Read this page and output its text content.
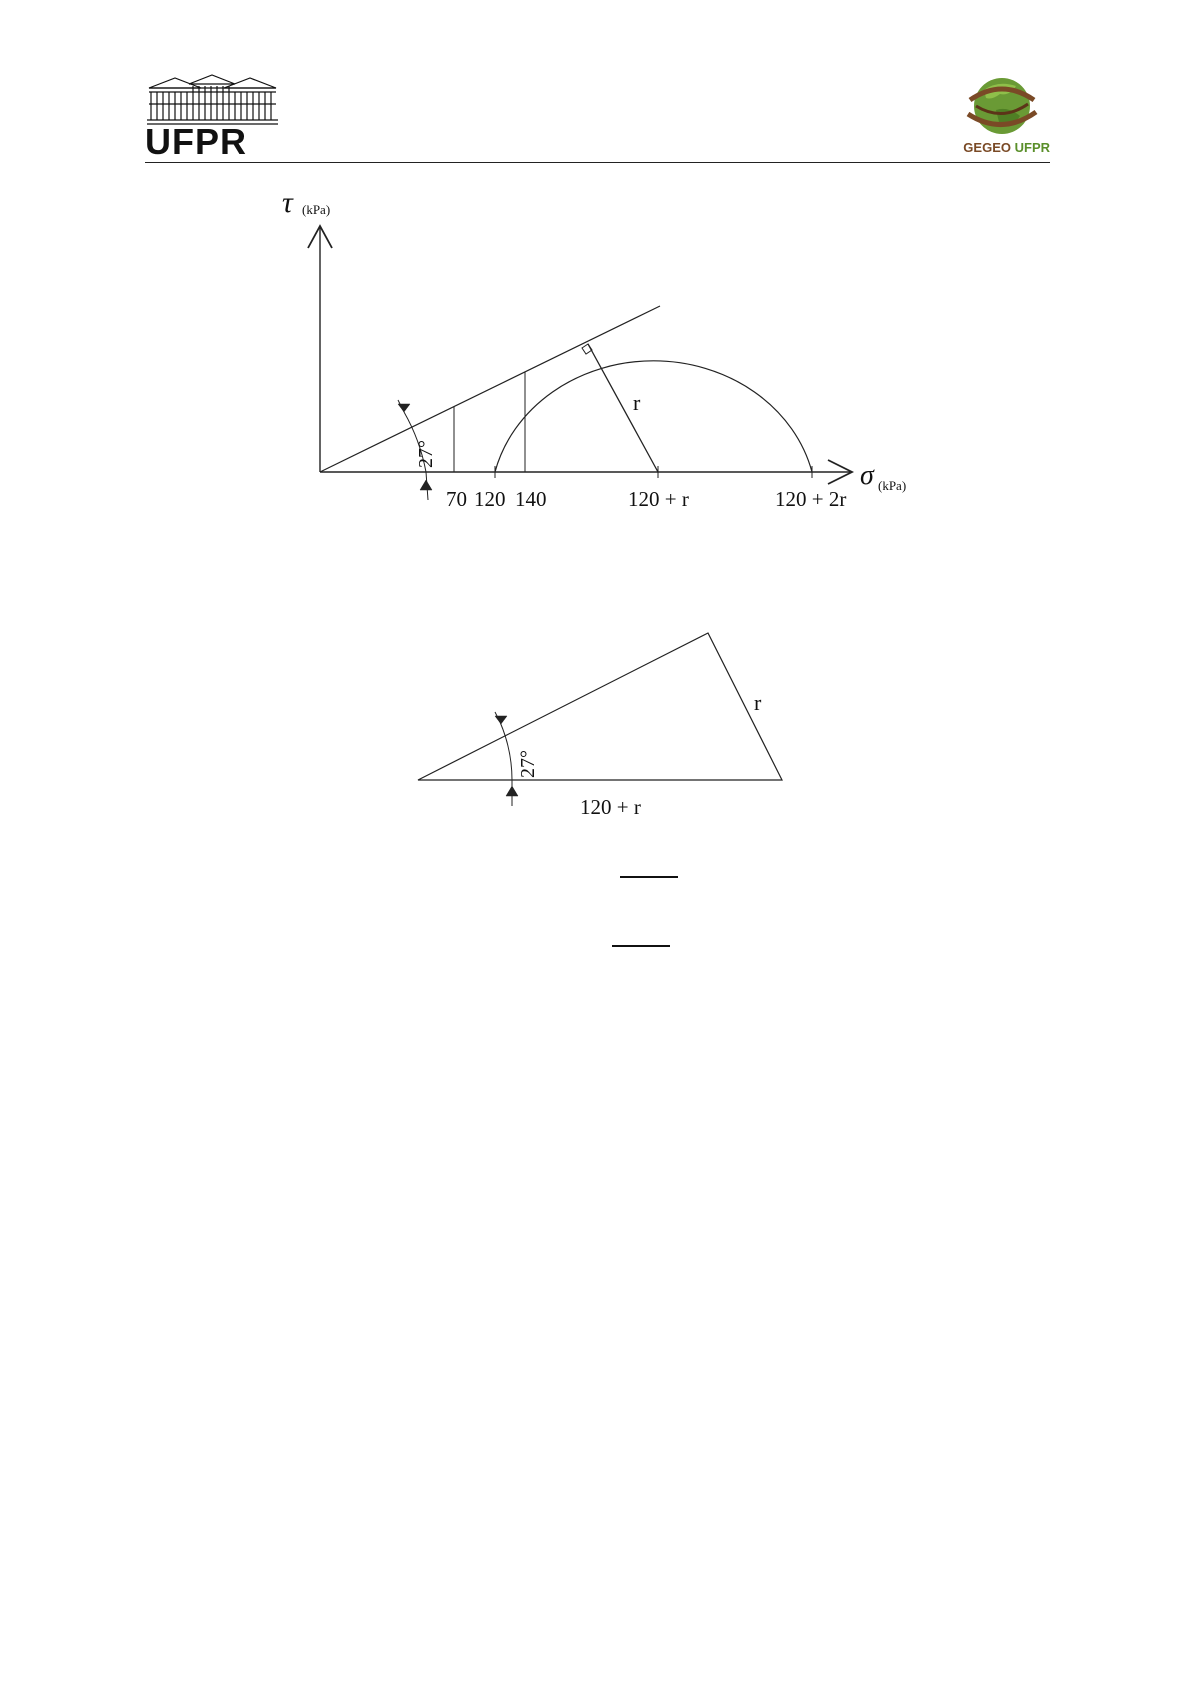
UFPR	GEGEO UFPR
τ (kPa)
σ (kPa)
27°
r
70 120 140	120 + r	120 + 2r
27°
r
120 + r
